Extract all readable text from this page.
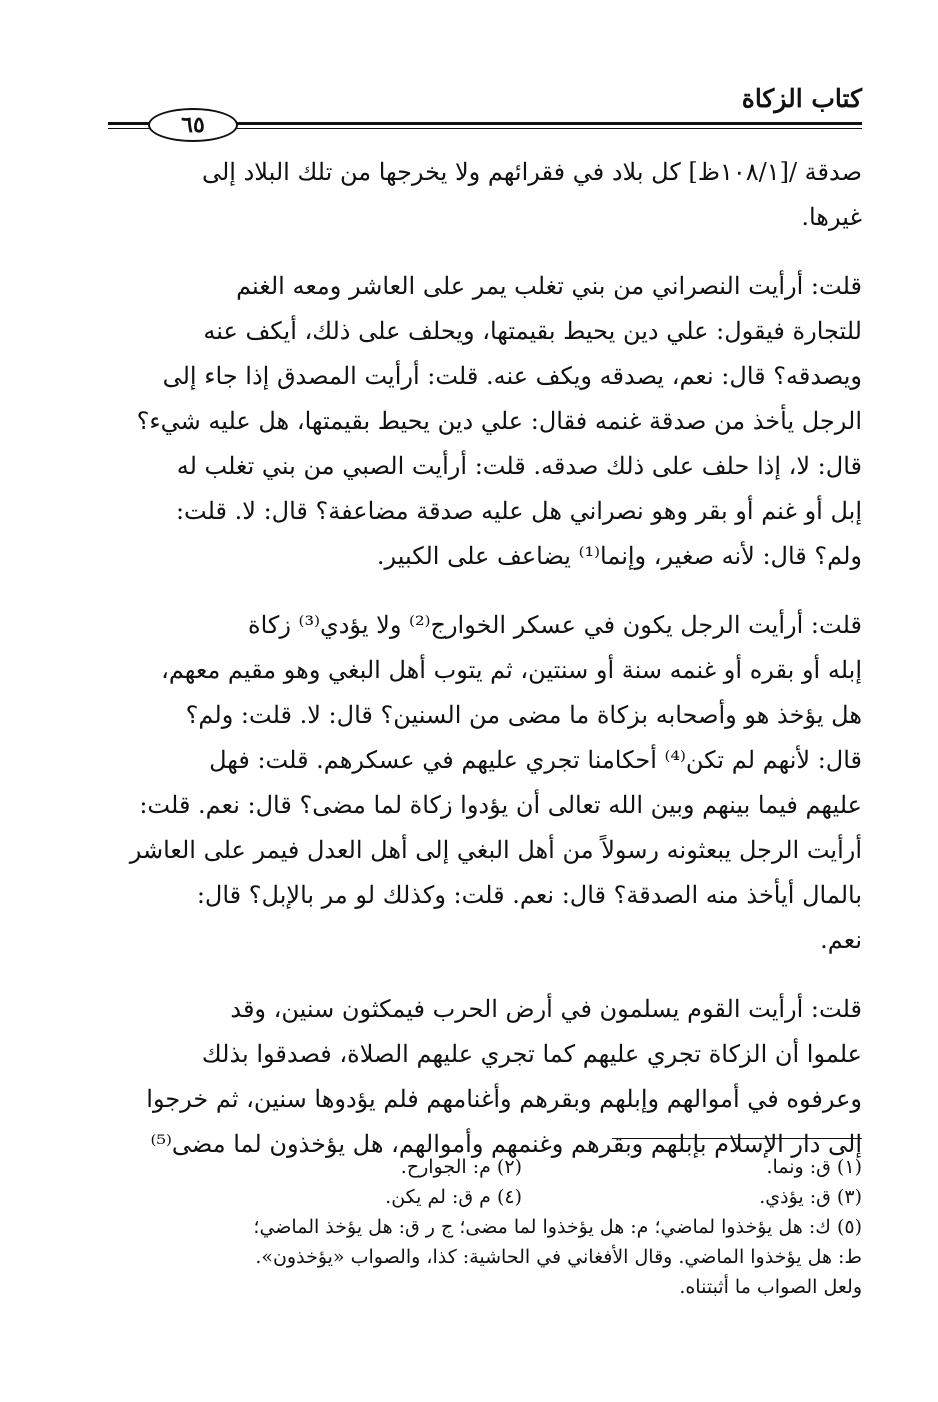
كتاب الزكاة
٦٥
صدقة /[١٠٨/١ظ] كل بلاد في فقرائهم ولا يخرجها من تلك البلاد إلى
غيرها.
قلت: أرأيت النصراني من بني تغلب يمر على العاشر ومعه الغنم
للتجارة فيقول: علي دين يحيط بقيمتها، ويحلف على ذلك، أيكف عنه
ويصدقه؟ قال: نعم، يصدقه ويكف عنه. قلت: أرأيت المصدق إذا جاء إلى
الرجل يأخذ من صدقة غنمه فقال: علي دين يحيط بقيمتها، هل عليه شيء؟
قال: لا، إذا حلف على ذلك صدقه. قلت: أرأيت الصبي من بني تغلب له
إبل أو غنم أو بقر وهو نصراني هل عليه صدقة مضاعفة؟ قال: لا. قلت:
ولم؟ قال: لأنه صغير، وإنما⁽¹⁾ يضاعف على الكبير.
قلت: أرأيت الرجل يكون في عسكر الخوارج⁽²⁾ ولا يؤدي⁽³⁾ زكاة
إبله أو بقره أو غنمه سنة أو سنتين، ثم يتوب أهل البغي وهو مقيم معهم،
هل يؤخذ هو وأصحابه بزكاة ما مضى من السنين؟ قال: لا. قلت: ولم؟
قال: لأنهم لم تكن⁽⁴⁾ أحكامنا تجري عليهم في عسكرهم. قلت: فهل
عليهم فيما بينهم وبين الله تعالى أن يؤدوا زكاة لما مضى؟ قال: نعم. قلت:
أرأيت الرجل يبعثونه رسولاً من أهل البغي إلى أهل العدل فيمر على العاشر
بالمال أيأخذ منه الصدقة؟ قال: نعم. قلت: وكذلك لو مر بالإبل؟ قال:
نعم.
قلت: أرأيت القوم يسلمون في أرض الحرب فيمكثون سنين، وقد
علموا أن الزكاة تجري عليهم كما تجري عليهم الصلاة، فصدقوا بذلك
وعرفوه في أموالهم وإبلهم وبقرهم وأغنامهم فلم يؤدوها سنين، ثم خرجوا
إلى دار الإسلام بإبلهم وبقرهم وغنمهم وأموالهم، هل يؤخذون لما مضى⁽⁵⁾
(١) ق: ونما.
(٢) م: الجوارح.
(٣) ق: يؤذي.
(٤) م ق: لم يكن.
(٥) ك: هل يؤخذوا لماضي؛ م: هل يؤخذوا لما مضى؛ ج ر ق: هل يؤخذ الماضي؛
ط: هل يؤخذوا الماضي. وقال الأفغاني في الحاشية: كذا، والصواب «يؤخذون».
ولعل الصواب ما أثبتناه.
